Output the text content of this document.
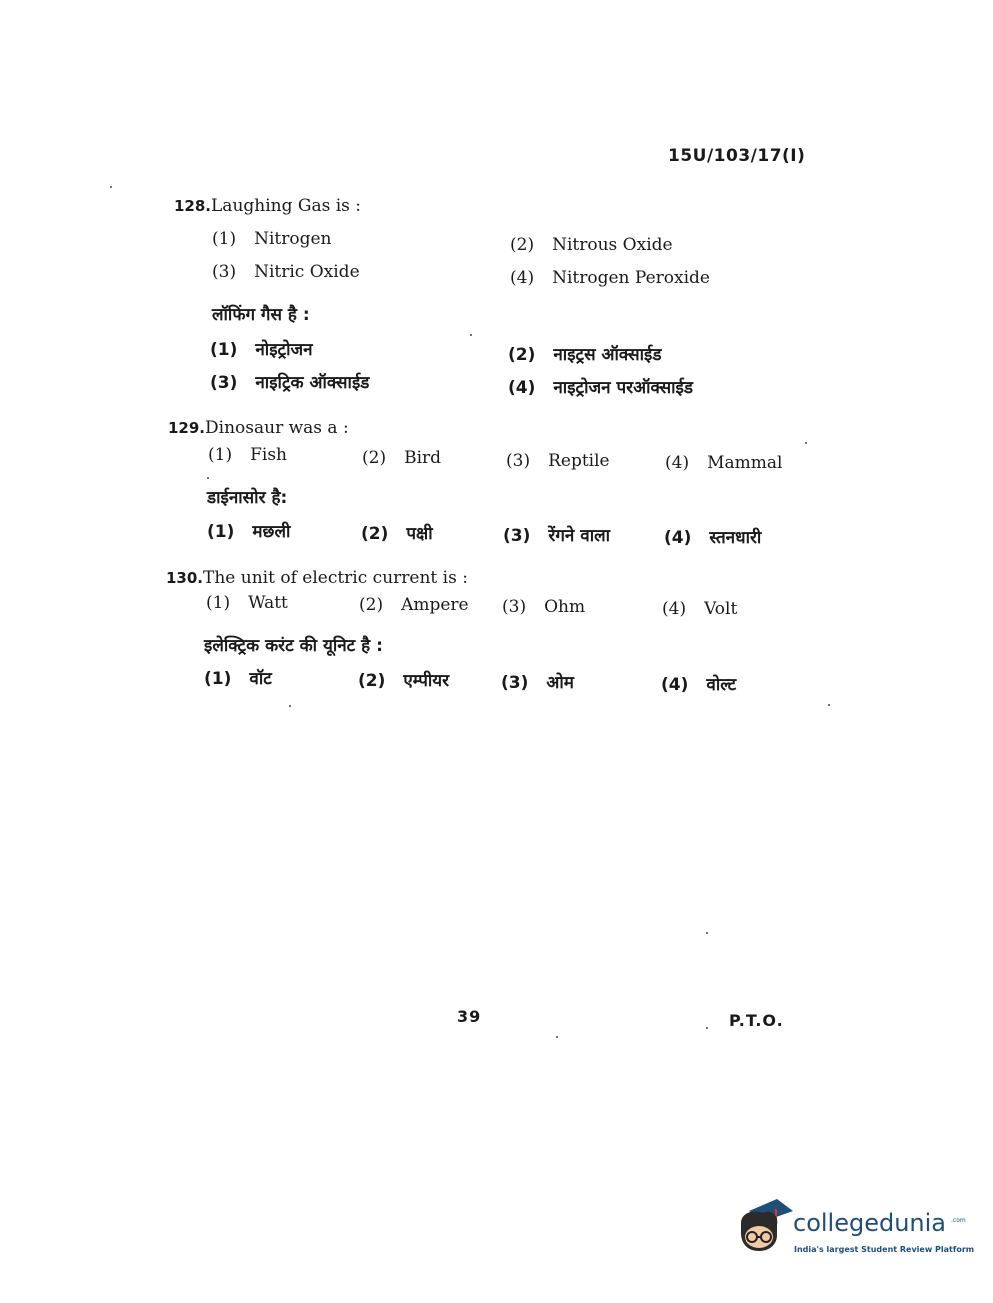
15U/103/17(I)
128.Laughing Gas is :
(1) Nitrogen	(2) Nitrous Oxide
(3) Nitric Oxide	(4) Nitrogen Peroxide
लॉफिंग गैस है :
(1) नोइट्रोजन	(2) नाइट्रस ऑक्साईड
(3) नाइट्रिक ऑक्साईड	(4) नाइट्रोजन परऑक्साईड
129.Dinosaur was a :
(1) Fish	(2) Bird	(3) Reptile	(4) Mammal
डाईनासोर है:
(1) मछली	(2) पक्षी	(3) रेंगने वाला	(4) स्तनधारी
130.The unit of electric current is :
(1) Watt	(2) Ampere (3) Ohm	(4) Volt
इलेक्ट्रिक करंट की यूनिट है :
(1) वॉट	(2) एम्पीयर	(3) ओम	(4) वोल्ट
39	P.T.O.
collegedunia .com
India's largest Student Review Platform
